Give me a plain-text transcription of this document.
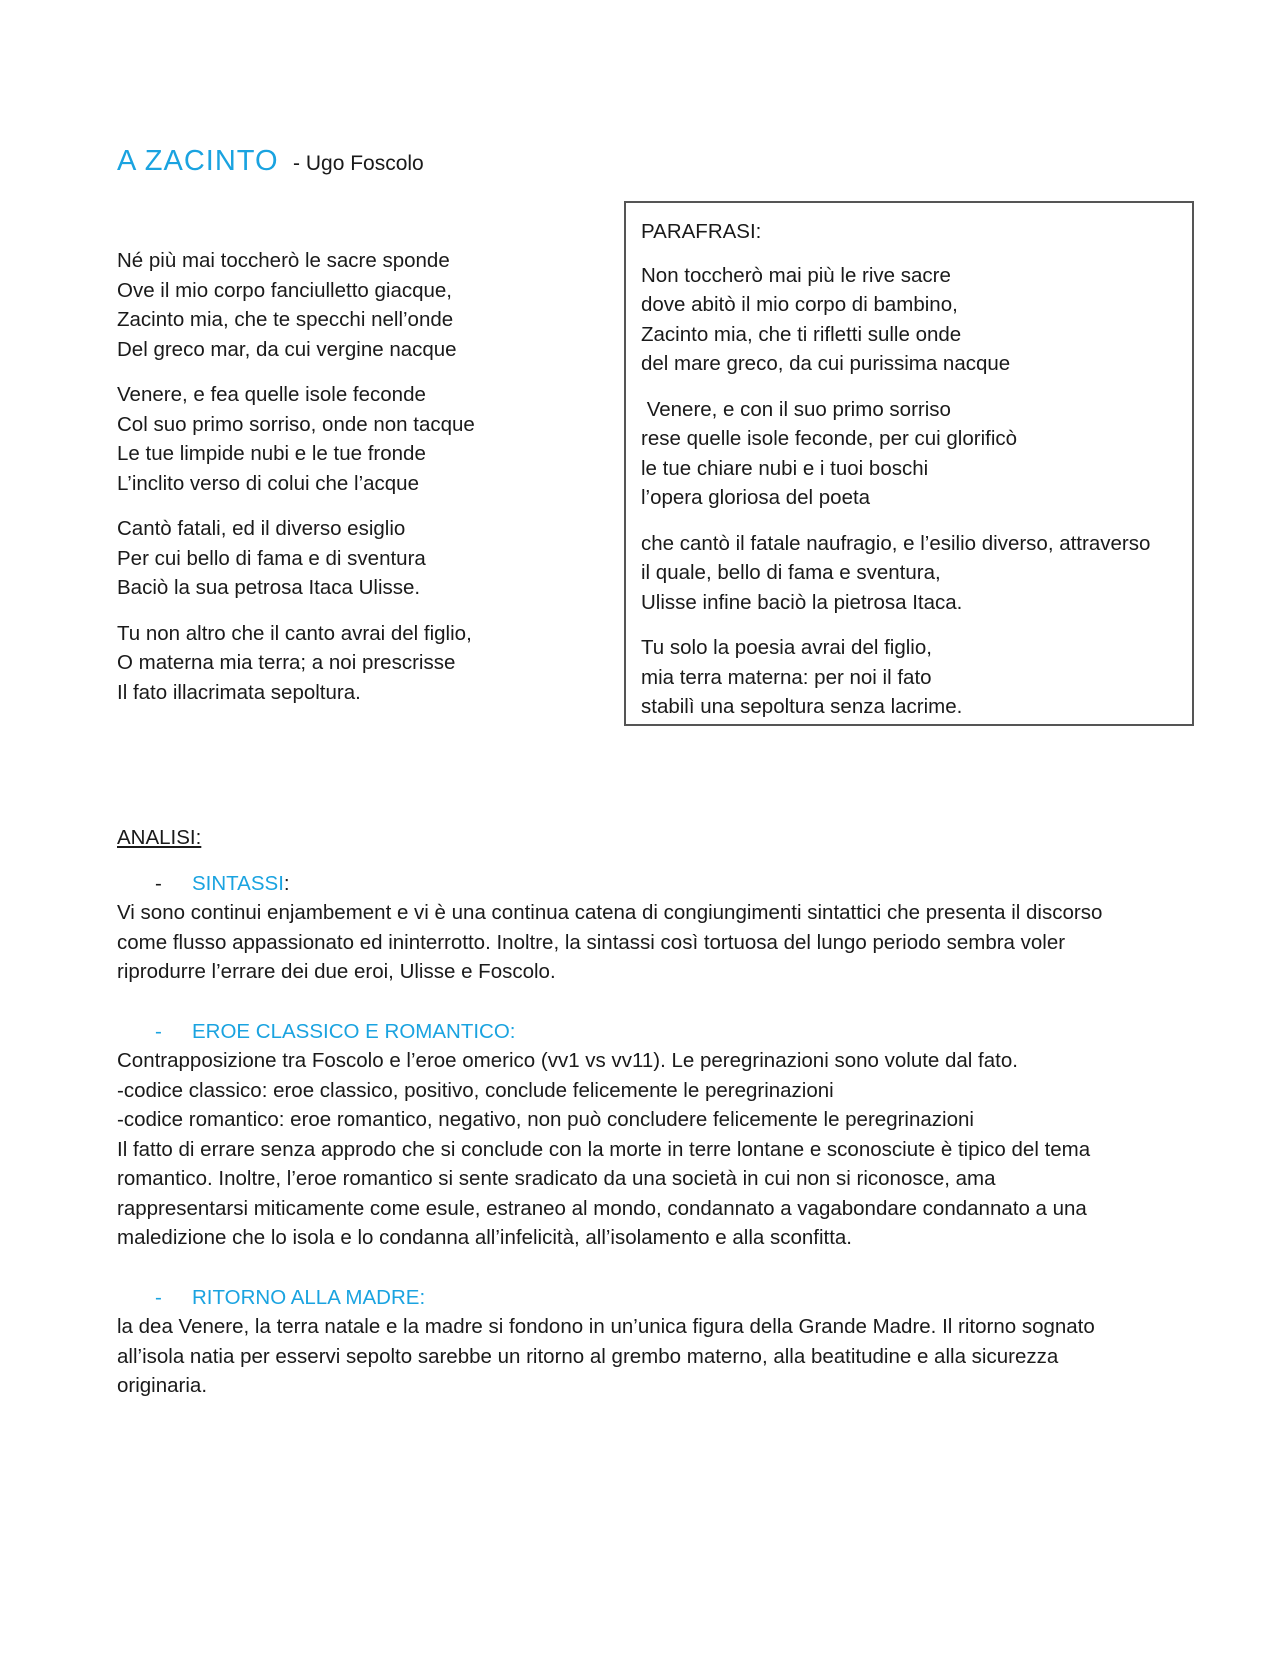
A ZACINTO - Ugo Foscolo
Né più mai toccherò le sacre sponde
Ove il mio corpo fanciulletto giacque,
Zacinto mia, che te specchi nell’onde
Del greco mar, da cui vergine nacque
Venere, e fea quelle isole feconde
Col suo primo sorriso, onde non tacque
Le tue limpide nubi e le tue fronde
L’inclito verso di colui che l’acque
Cantò fatali, ed il diverso esiglio
Per cui bello di fama e di sventura
Baciò la sua petrosa Itaca Ulisse.
Tu non altro che il canto avrai del figlio,
O materna mia terra; a noi prescrisse
Il fato illacrimata sepoltura.
PARAFRASI:
Non toccherò mai più le rive sacre
dove abitò il mio corpo di bambino,
Zacinto mia, che ti rifletti sulle onde
del mare greco, da cui purissima nacque
Venere, e con il suo primo sorriso
rese quelle isole feconde, per cui glorificò
le tue chiare nubi e i tuoi boschi
l’opera gloriosa del poeta
che cantò il fatale naufragio, e l’esilio diverso, attraverso
il quale, bello di fama e sventura,
Ulisse infine baciò la pietrosa Itaca.
Tu solo la poesia avrai del figlio,
mia terra materna: per noi il fato
stabilì una sepoltura senza lacrime.
ANALISI:
-	SINTASSI :
Vi sono continui enjambement e vi è una continua catena di congiungimenti sintattici che presenta il discorso
come flusso appassionato ed ininterrotto. Inoltre, la sintassi così tortuosa del lungo periodo sembra voler
riprodurre l’errare dei due eroi, Ulisse e Foscolo.
-	EROE CLASSICO E ROMANTICO:
Contrapposizione tra Foscolo e l’eroe omerico (vv1 vs vv11). Le peregrinazioni sono volute dal fato.
-codice classico: eroe classico, positivo, conclude felicemente le peregrinazioni
-codice romantico: eroe romantico, negativo, non può concludere felicemente le peregrinazioni
Il fatto di errare senza approdo che si conclude con la morte in terre lontane e sconosciute è tipico del tema
romantico. Inoltre, l’eroe romantico si sente sradicato da una società in cui non si riconosce, ama
rappresentarsi miticamente come esule, estraneo al mondo, condannato a vagabondare condannato a una
maledizione che lo isola e lo condanna all’infelicità, all’isolamento e alla sconfitta.
-	RITORNO ALLA MADRE:
la dea Venere, la terra natale e la madre si fondono in un’unica figura della Grande Madre. Il ritorno sognato
all’isola natia per esservi sepolto sarebbe un ritorno al grembo materno, alla beatitudine e alla sicurezza
originaria.
